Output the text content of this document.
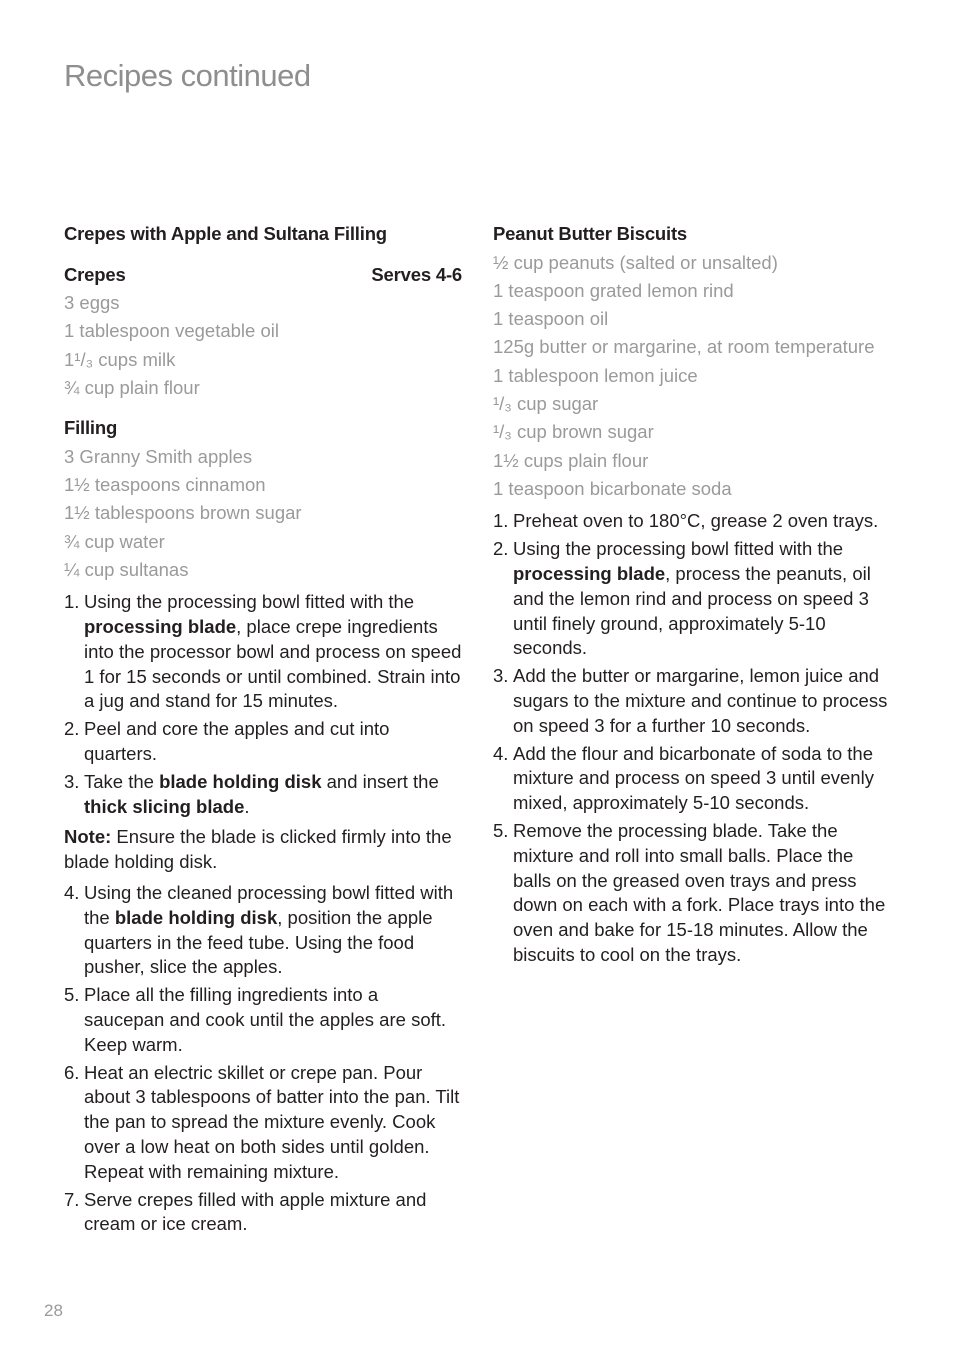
Recipes continued
Crepes with Apple and Sultana Filling
Crepes	Serves 4-6
3 eggs
1 tablespoon vegetable oil
1¹/₃ cups milk
¾ cup plain flour
Filling
3 Granny Smith apples
1½ teaspoons cinnamon
1½ tablespoons brown sugar
¾ cup water
¼ cup sultanas
1. Using the processing bowl fitted with the processing blade, place crepe ingredients into the processor bowl and process on speed 1 for 15 seconds or until combined. Strain into a jug and stand for 15 minutes.
2. Peel and core the apples and cut into quarters.
3. Take the blade holding disk and insert the thick slicing blade.
Note: Ensure the blade is clicked firmly into the blade holding disk.
4. Using the cleaned processing bowl fitted with the blade holding disk, position the apple quarters in the feed tube. Using the food pusher, slice the apples.
5. Place all the filling ingredients into a saucepan and cook until the apples are soft. Keep warm.
6. Heat an electric skillet or crepe pan. Pour about 3 tablespoons of batter into the pan. Tilt the pan to spread the mixture evenly. Cook over a low heat on both sides until golden. Repeat with remaining mixture.
7. Serve crepes filled with apple mixture and cream or ice cream.
Peanut Butter Biscuits
½ cup peanuts (salted or unsalted)
1 teaspoon grated lemon rind
1 teaspoon oil
125g butter or margarine, at room temperature
1 tablespoon lemon juice
¹/₃ cup sugar
¹/₃ cup brown sugar
1½ cups plain flour
1 teaspoon bicarbonate soda
1. Preheat oven to 180°C, grease 2 oven trays.
2. Using the processing bowl fitted with the processing blade, process the peanuts, oil and the lemon rind and process on speed 3 until finely ground, approximately 5-10 seconds.
3. Add the butter or margarine, lemon juice and sugars to the mixture and continue to process on speed 3 for a further 10 seconds.
4. Add the flour and bicarbonate of soda to the mixture and process on speed 3 until evenly mixed, approximately 5-10 seconds.
5. Remove the processing blade. Take the mixture and roll into small balls. Place the balls on the greased oven trays and press down on each with a fork. Place trays into the oven and bake for 15-18 minutes. Allow the biscuits to cool on the trays.
28
